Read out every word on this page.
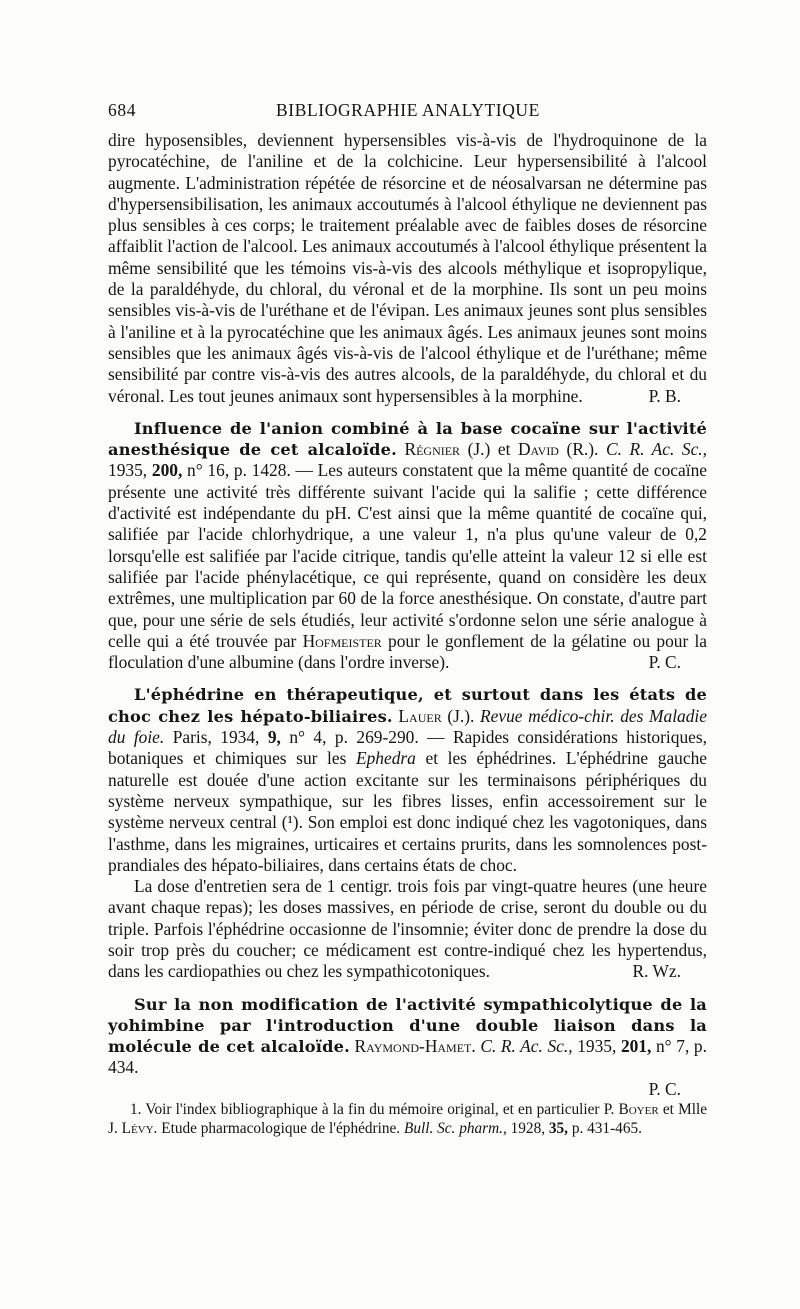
684	BIBLIOGRAPHIE ANALYTIQUE

dire hyposensibles, deviennent hypersensibles vis-à-vis de l'hydroquinone de la pyrocatéchine, de l'aniline et de la colchicine. Leur hypersensibilité à l'alcool augmente. L'administration répétée de résorcine et de néosalvarsan ne détermine pas d'hypersensibilisation, les animaux accoutumés à l'alcool éthylique ne deviennent pas plus sensibles à ces corps; le traitement préalable avec de faibles doses de résorcine affaiblit l'action de l'alcool. Les animaux accoutumés à l'alcool éthylique présentent la même sensibilité que les témoins vis-à-vis des alcools méthylique et isopropylique, de la paraldéhyde, du chloral, du véronal et de la morphine. Ils sont un peu moins sensibles vis-à-vis de l'uréthane et de l'évipan. Les animaux jeunes sont plus sensibles à l'aniline et à la pyrocatéchine que les animaux âgés. Les animaux jeunes sont moins sensibles que les animaux âgés vis-à-vis de l'alcool éthylique et de l'uréthane; même sensibilité par contre vis-à-vis des autres alcools, de la paraldéhyde, du chloral et du véronal. Les tout jeunes animaux sont hypersensibles à la morphine.	P. B.

Influence de l'anion combiné à la base cocaïne sur l'activité anesthésique de cet alcaloïde. Régnier (J.) et David (R.). C. R. Ac. Sc., 1935, 200, n° 16, p. 1428. — Les auteurs constatent que la même quantité de cocaïne présente une activité très différente suivant l'acide qui la salifie ; cette différence d'activité est indépendante du pH. C'est ainsi que la même quantité de cocaïne qui, salifiée par l'acide chlorhydrique, a une valeur 1, n'a plus qu'une valeur de 0,2 lorsqu'elle est salifiée par l'acide citrique, tandis qu'elle atteint la valeur 12 si elle est salifiée par l'acide phénylacétique, ce qui représente, quand on considère les deux extrêmes, une multiplication par 60 de la force anesthésique. On constate, d'autre part que, pour une série de sels étudiés, leur activité s'ordonne selon une série analogue à celle qui a été trouvée par Hofmeister pour le gonflement de la gélatine ou pour la floculation d'une albumine (dans l'ordre inverse).	P. C.

L'éphédrine en thérapeutique, et surtout dans les états de choc chez les hépato-biliaires. Lauer (J.). Revue médico-chir. des Maladie du foie. Paris, 1934, 9, n° 4, p. 269-290. — Rapides considérations historiques, botaniques et chimiques sur les Ephedra et les éphédrines. L'éphédrine gauche naturelle est douée d'une action excitante sur les terminaisons périphériques du système nerveux sympathique, sur les fibres lisses, enfin accessoirement sur le système nerveux central (¹). Son emploi est donc indiqué chez les vagotoniques, dans l'asthme, dans les migraines, urticaires et certains prurits, dans les somnolences post-prandiales des hépato-biliaires, dans certains états de choc.

La dose d'entretien sera de 1 centigr. trois fois par vingt-quatre heures (une heure avant chaque repas); les doses massives, en période de crise, seront du double ou du triple. Parfois l'éphédrine occasionne de l'insomnie; éviter donc de prendre la dose du soir trop près du coucher; ce médicament est contre-indiqué chez les hypertendus, dans les cardiopathies ou chez les sympathicotoniques.	R. Wz.

Sur la non modification de l'activité sympathicolytique de la yohimbine par l'introduction d'une double liaison dans la molécule de cet alcaloïde. Raymond-Hamet. C. R. Ac. Sc., 1935, 201, n° 7, p. 434.

P. C.

1. Voir l'index bibliographique à la fin du mémoire original, et en particulier P. Boyer et Mlle J. Lévy. Etude pharmacologique de l'éphédrine. Bull. Sc. pharm., 1928, 35, p. 431-465.
